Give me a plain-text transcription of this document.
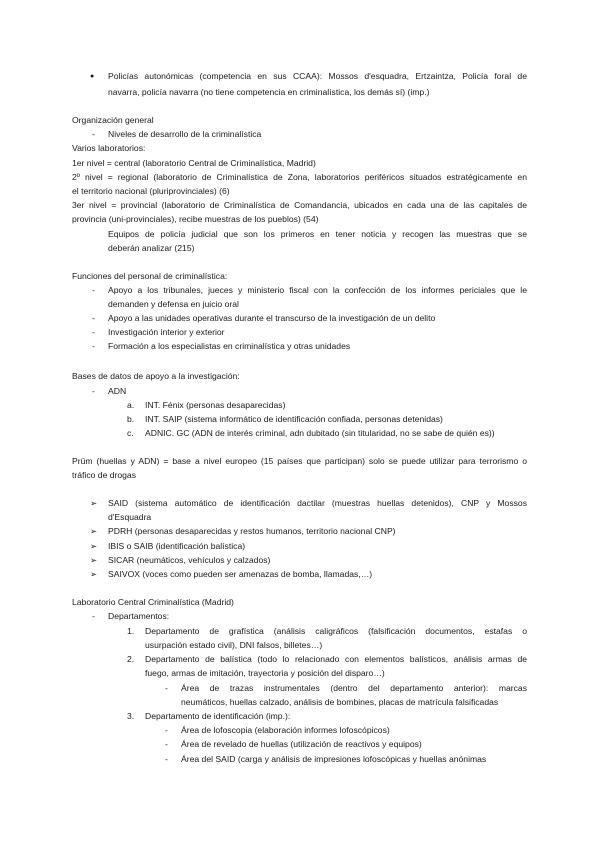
● Policías autonómicas (competencia en sus CCAA): Mossos d'esquadra, Ertzaintza, Policía foral de
navarra, policía navarra (no tiene competencia en criminalística, los demás sí) (imp.)
Organización general
- Niveles de desarrollo de la criminalística
Varios laboratorios:
1er nivel = central (laboratorio Central de Criminalística, Madrid)
2º nivel = regional (laboratorio de Criminalística de Zona, laboratorios periféricos situados estratégicamente en
el territorio nacional (pluriprovinciales) (6)
3er nivel = provincial (laboratorio de Criminalística de Comandancia, ubicados en cada una de las capitales de
provincia (uni-provinciales), recibe muestras de los pueblos) (54)
Equipos de policía judicial que son los primeros en tener noticia y recogen las muestras que se
deberán analizar (215)
Funciones del personal de criminalística:
- Apoyo a los tribunales, jueces y ministerio fiscal con la confección de los informes periciales que le
demanden y defensa en juicio oral
- Apoyo a las unidades operativas durante el transcurso de la investigación de un delito
- Investigación interior y exterior
- Formación a los especialistas en criminalística y otras unidades
Bases de datos de apoyo a la investigación:
- ADN
a. INT. Fénix (personas desaparecidas)
b. INT. SAIP (sistema informático de identificación confiada, personas detenidas)
c. ADNIC. GC (ADN de interés criminal, adn dubitado (sin titularidad, no se sabe de quién es))
Prüm (huellas y ADN) = base a nivel europeo (15 países que participan) solo se puede utilizar para terrorismo o
tráfico de drogas
➢ SAID (sistema automático de identificación dactilar (muestras huellas detenidos), CNP y Mossos
d'Esquadra
➢ PDRH (personas desaparecidas y restos humanos, territorio nacional CNP)
➢ IBIS o SAIB (identificación balística)
➢ SICAR (neumáticos, vehículos y calzados)
➢ SAIVOX (voces como pueden ser amenazas de bomba, llamadas,…)
Laboratorio Central Criminalística (Madrid)
- Departamentos:
1. Departamento de grafística (análisis caligráficos (falsificación documentos, estafas o
usurpación estado civil), DNI falsos, billetes…)
2. Departamento de balística (todo lo relacionado con elementos balísticos, análisis armas de
fuego, armas de imitación, trayectoria y posición del disparo…)
- Área de trazas instrumentales (dentro del departamento anterior): marcas
neumáticos, huellas calzado, análisis de bombines, placas de matrícula falsificadas
3. Departamento de identificación (imp.):
- Área de lofoscopia (elaboración informes lofoscópicos)
- Área de revelado de huellas (utilización de reactivos y equipos)
- Área del SAID (carga y análisis de impresiones lofoscópicas y huellas anónimas
